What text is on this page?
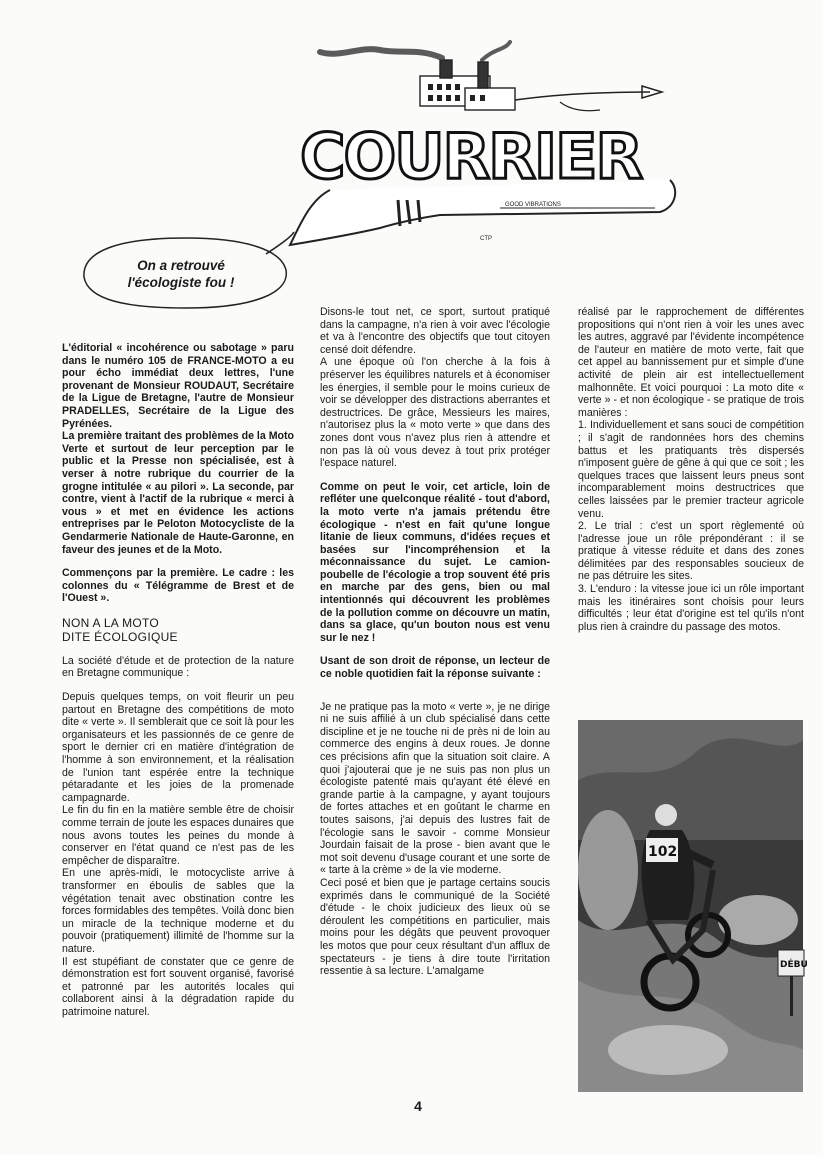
GOOD VIBRATIONS
CTP
COURRIER
On a retrouvé
l'écologiste fou !

L'éditorial « incohérence ou sabotage » paru dans le numéro 105 de FRANCE-MOTO a eu pour écho immédiat deux lettres, l'une provenant de Monsieur ROUDAUT, Secrétaire de la Ligue de Bretagne, l'autre de Monsieur PRADELLES, Secrétaire de la Ligue des Pyrénées.

La première traitant des problèmes de la Moto Verte et surtout de leur perception par le public et la Presse non spécialisée, est à verser à notre rubrique du courrier de la grogne intitulée « au pilori ». La seconde, par contre, vient à l'actif de la rubrique « merci à vous » et met en évidence les actions entreprises par le Peloton Motocycliste de la Gendarmerie Nationale de Haute-Garonne, en faveur des jeunes et de la Moto.

Commençons par la première. Le cadre : les colonnes du « Télégramme de Brest et de l'Ouest ».

NON A LA MOTO
DITE ÉCOLOGIQUE

La société d'étude et de protection de la nature en Bretagne communique :

Depuis quelques temps, on voit fleurir un peu partout en Bretagne des compétitions de moto dite « verte ». Il semblerait que ce soit là pour les organisateurs et les passionnés de ce genre de sport le dernier cri en matière d'intégration de l'homme à son environnement, et la réalisation de l'union tant espérée entre la technique pétaradante et les joies de la promenade campagnarde.

Le fin du fin en la matière semble être de choisir comme terrain de joute les espaces dunaires que nous avons toutes les peines du monde à conserver en l'état quand ce n'est pas de les empêcher de disparaître.

En une après-midi, le motocycliste arrive à transformer en éboulis de sables que la végétation tenait avec obstination contre les forces formidables des tempêtes. Voilà donc bien un miracle de la technique moderne et du pouvoir (pratiquement) illimité de l'homme sur la nature.

Il est stupéfiant de constater que ce genre de démonstration est fort souvent organisé, favorisé et patronné par les autorités locales qui collaborent ainsi à la dégradation rapide du patrimoine naturel.

Disons-le tout net, ce sport, surtout pratiqué dans la campagne, n'a rien à voir avec l'écologie et va à l'encontre des objectifs que tout citoyen censé doit défendre.

A une époque où l'on cherche à la fois à préserver les équilibres naturels et à économiser les énergies, il semble pour le moins curieux de voir se développer des distractions aberrantes et destructrices. De grâce, Messieurs les maires, n'autorisez plus la « moto verte » que dans des zones dont vous n'avez plus rien à attendre et non pas là où vous devez à tout prix protéger l'espace naturel.

Comme on peut le voir, cet article, loin de refléter une quelconque réalité - tout d'abord, la moto verte n'a jamais prétendu être écologique - n'est en fait qu'une longue litanie de lieux communs, d'idées reçues et basées sur l'incompréhension et la méconnaissance du sujet. Le camion-poubelle de l'écologie a trop souvent été pris en marche par des gens, bien ou mal intentionnés qui découvrent les problèmes de la pollution comme on découvre un matin, dans sa glace, qu'un bouton nous est venu sur le nez !

Usant de son droit de réponse, un lecteur de ce noble quotidien fait la réponse suivante :

Je ne pratique pas la moto « verte », je ne dirige ni ne suis affilié à un club spécialisé dans cette discipline et je ne touche ni de près ni de loin au commerce des engins à deux roues. Je donne ces précisions afin que la situation soit claire. A quoi j'ajouterai que je ne suis pas non plus un écologiste patenté mais qu'ayant été élevé en grande partie à la campagne, y ayant toujours de fortes attaches et en goûtant le charme en toutes saisons, j'ai depuis des lustres fait de l'écologie sans le savoir - comme Monsieur Jourdain faisait de la prose - bien avant que le mot soit devenu d'usage courant et une sorte de « tarte à la crème » de la vie moderne.

Ceci posé et bien que je partage certains soucis exprimés dans le communiqué de la Société d'étude - le choix judicieux des lieux où se déroulent les compétitions en particulier, mais moins pour les dégâts que peuvent provoquer les motos que pour ceux résultant d'un afflux de spectateurs - je tiens à dire toute l'irritation ressentie à sa lecture. L'amalgame

réalisé par le rapprochement de différentes propositions qui n'ont rien à voir les unes avec les autres, aggravé par l'évidente incompétence de l'auteur en matière de moto verte, fait que cet appel au bannissement pur et simple d'une activité de plein air est intellectuellement malhonnête. Et voici pourquoi : La moto dite « verte » - et non écologique - se pratique de trois manières :

1. Individuellement et sans souci de compétition ; il s'agit de randonnées hors des chemins battus et les pratiquants très dispersés n'imposent guère de gêne à qui que ce soit ; les quelques traces que laissent leurs pneus sont incomparablement moins destructrices que celles laissées par le premier tracteur agricole venu.

2. Le trial : c'est un sport règlementé où l'adresse joue un rôle prépondérant : il se pratique à vitesse réduite et dans des zones délimitées par des responsables soucieux de ne pas détruire les sites.

3. L'enduro : la vitesse joue ici un rôle important mais les itinéraires sont choisis pour leurs difficultés ; leur état d'origine est tel qu'ils n'ont plus rien à craindre du passage des motos.

102
DÉBU
4
